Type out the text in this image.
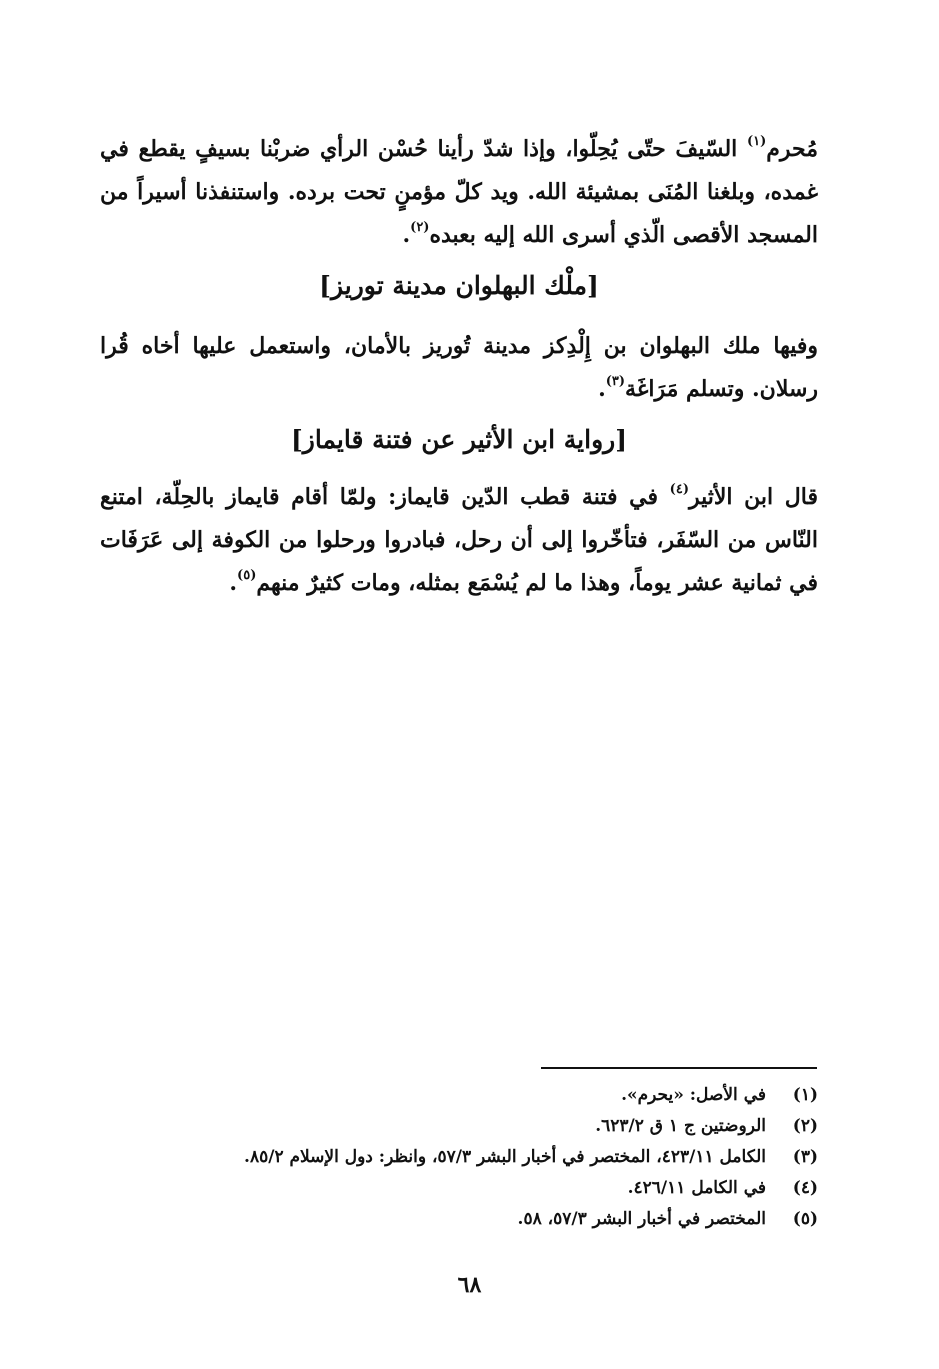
مُحرم$^{(١)}$ السّيفَ حتّى يُحِلّوا، وإذا شدّ رأينا حُسْن الرأي ضربْنا بسيفٍ يقطع في غمده، وبلغنا المُنَى بمشيئة الله. ويد كلّ مؤمنٍ تحت برده. واستنفذنا أسيراً من المسجد الأقصى الّذي أسرى الله إليه بعبده$^{(٢)}$.

[ملْك البهلوان مدينة توريز]

وفيها ملك البهلوان بن إِلْدِكز مدينة تُوريز بالأمان، واستعمل عليها أخاه قُرا رسلان. وتسلم مَرَاغَة$^{(٣)}$.

[رواية ابن الأثير عن فتنة قايماز]

قال ابن الأثير$^{(٤)}$ في فتنة قطب الدّين قايماز: ولمّا أقام قايماز بالحِلّة، امتنع النّاس من السّفَر، فتأخّروا إلى أن رحل، فبادروا ورحلوا من الكوفة إلى عَرَفَات في ثمانية عشر يوماً، وهذا ما لم يُسْمَع بمثله، ومات كثيرٌ منهم$^{(٥)}$.

(١)
في الأصل: «يحرم».
(٢)
الروضتين ج ١ ق ٦٢٣/٢.
(٣)
الكامل ٤٢٣/١١، المختصر في أخبار البشر ٥٧/٣، وانظر: دول الإسلام ٨٥/٢.
(٤)
في الكامل ٤٢٦/١١.
(٥)
المختصر في أخبار البشر ٥٧/٣، ٥٨.
٦٨
